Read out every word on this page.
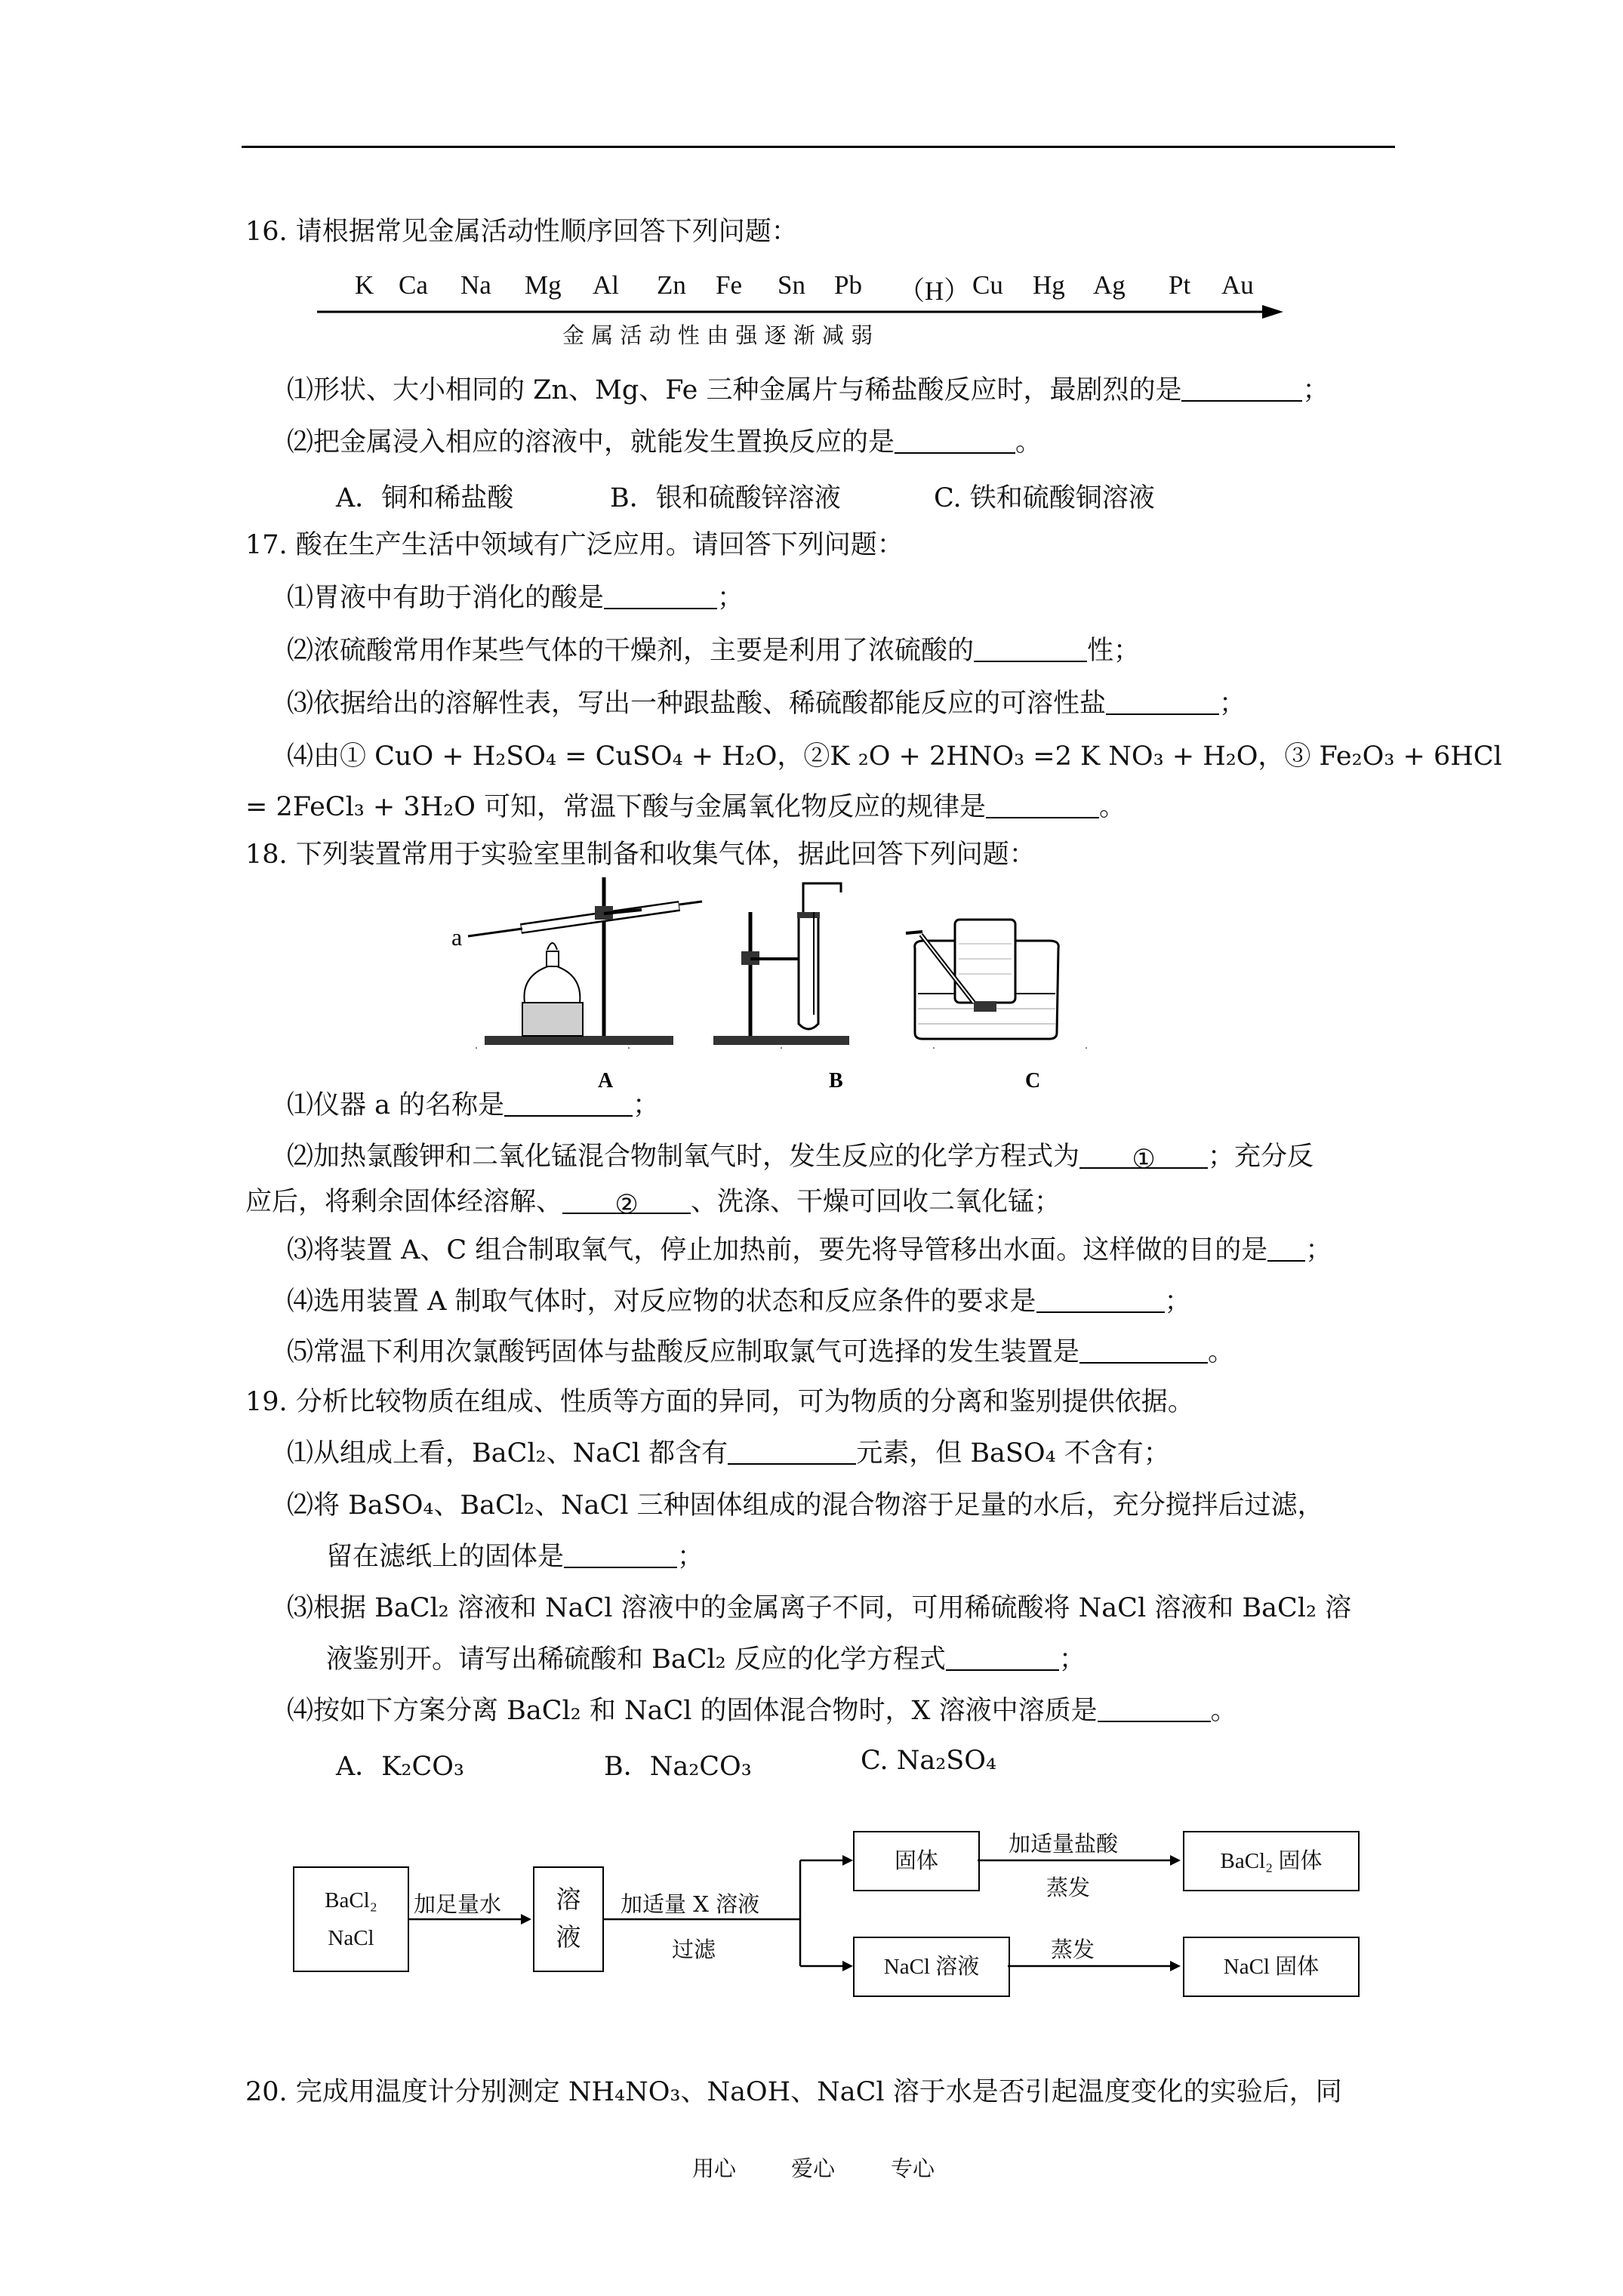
16. 请根据常见金属活动性顺序回答下列问题：
K Ca Na Mg Al Zn Fe Sn Pb （H） Cu Hg Ag Pt Au
金 属 活 动 性 由 强 逐 渐 减 弱
⑴形状、大小相同的 Zn、Mg、Fe 三种金属片与稀盐酸反应时，最剧烈的是	；
⑵把金属浸入相应的溶液中，就能发生置换反应的是	。
A．铜和稀盐酸	B．银和硫酸锌溶液	C. 铁和硫酸铜溶液
17. 酸在生产生活中领域有广泛应用。请回答下列问题：
⑴胃液中有助于消化的酸是	；
⑵浓硫酸常用作某些气体的干燥剂，主要是利用了浓硫酸的	性；
⑶依据给出的溶解性表，写出一种跟盐酸、稀硫酸都能反应的可溶性盐	；
⑷由① CuO + H₂SO₄ = CuSO₄ + H₂O，②K ₂O + 2HNO₃ =2 K NO₃ + H₂O，③ Fe₂O₃ + 6HCl
= 2FeCl₃ + 3H₂O 可知，常温下酸与金属氧化物反应的规律是	。
18. 下列装置常用于实验室里制备和收集气体，据此回答下列问题：
a
A	B	C
⑴仪器 a 的名称是	；
⑵加热氯酸钾和二氧化锰混合物制氧气时，发生反应的化学方程式为 ① ；充分反
应后，将剩余固体经溶解、 ② 、洗涤、干燥可回收二氧化锰；
⑶将装置 A、C 组合制取氧气，停止加热前，要先将导管移出水面。这样做的目的是 ；
⑷选用装置 A 制取气体时，对反应物的状态和反应条件的要求是	；
⑸常温下利用次氯酸钙固体与盐酸反应制取氯气可选择的发生装置是	。
19. 分析比较物质在组成、性质等方面的异同，可为物质的分离和鉴别提供依据。
⑴从组成上看，BaCl₂、NaCl 都含有	元素，但 BaSO₄ 不含有；
⑵将 BaSO₄、BaCl₂、NaCl 三种固体组成的混合物溶于足量的水后，充分搅拌后过滤，
留在滤纸上的固体是	；
⑶根据 BaCl₂ 溶液和 NaCl 溶液中的金属离子不同，可用稀硫酸将 NaCl 溶液和 BaCl₂ 溶
液鉴别开。请写出稀硫酸和 BaCl₂ 反应的化学方程式	；
⑷按如下方案分离 BaCl₂ 和 NaCl 的固体混合物时，X 溶液中溶质是	。
A．K₂CO₃	B．Na₂CO₃	C. Na₂SO₄
BaCl₂
NaCl
溶
液
固体	BaCl₂ 固体
NaCl 溶液	NaCl 固体
加足量水	加适量 X 溶液
过滤
加适量盐酸
蒸发
蒸发
20. 完成用温度计分别测定 NH₄NO₃、NaOH、NaCl 溶于水是否引起温度变化的实验后，同
用心	爱心	专心
